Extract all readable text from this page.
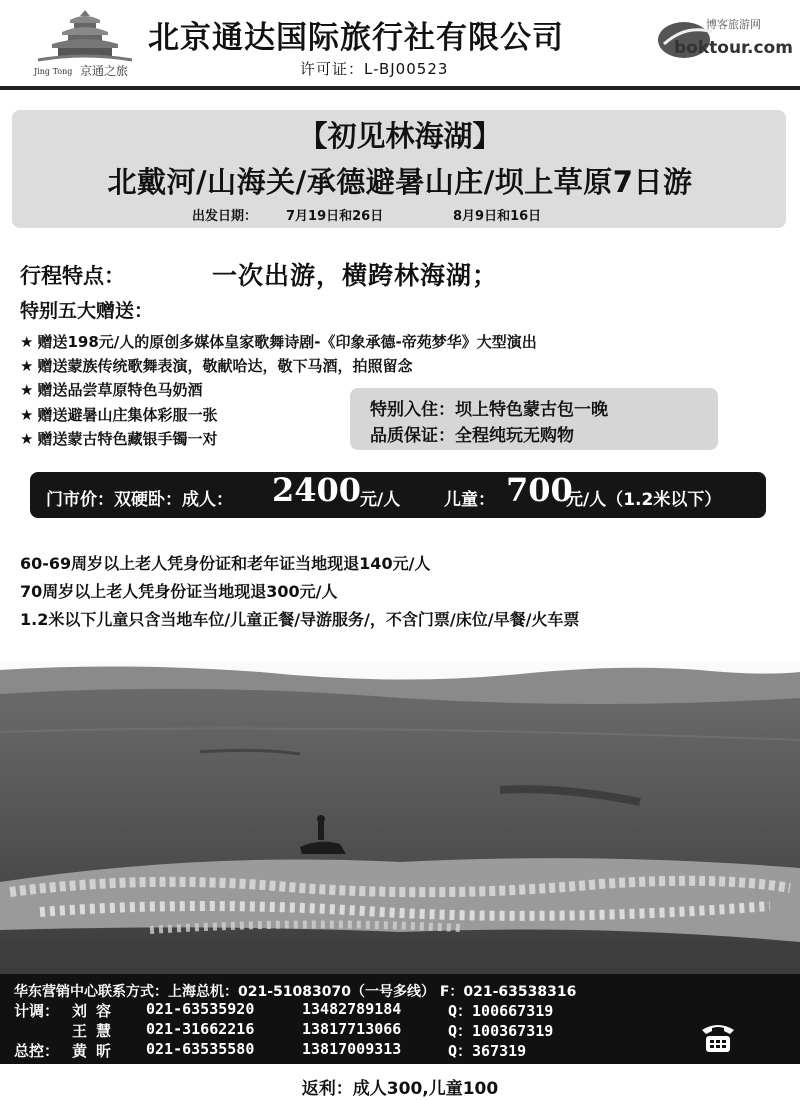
Jing Tong 京通之旅
北京通达国际旅行社有限公司
许可证：L-BJ00523
博客旅游网
boktour.com
【初见林海湖】
北戴河/山海关/承德避暑山庄/坝上草原7日游
出发日期： 7月19日和26日	8月9日和16日
行程特点：	一次出游，横跨林海湖；
特别五大赠送：
★ 赠送198元/人的原创多媒体皇家歌舞诗剧-《印象承德-帝苑梦华》大型演出
★ 赠送蒙族传统歌舞表演，敬献哈达，敬下马酒，拍照留念
★ 赠送品尝草原特色马奶酒
★ 赠送避暑山庄集体彩服一张
★ 赠送蒙古特色藏银手镯一对
特别入住：坝上特色蒙古包一晚
品质保证：全程纯玩无购物
门市价：双硬卧：成人： 2400
元/人	儿童： 700
元/人（1.2米以下）
60-69周岁以上老人凭身份证和老年证当地现退140元/人
70周岁以上老人凭身份证当地现退300元/人
1.2米以下儿童只含当地车位/儿童正餐/导游服务/，不含门票/床位/早餐/火车票
华东营销中心联系方式：上海总机：021-51083070（一号多线） F：021-63538316
计调： 刘 容 021-63535920	13482789184	Q：100667319
王 慧 021-31662216	13817713066	Q：100367319
总控： 黄 昕 021-63535580	13817009313	Q：367319
返利：成人300,儿童100
